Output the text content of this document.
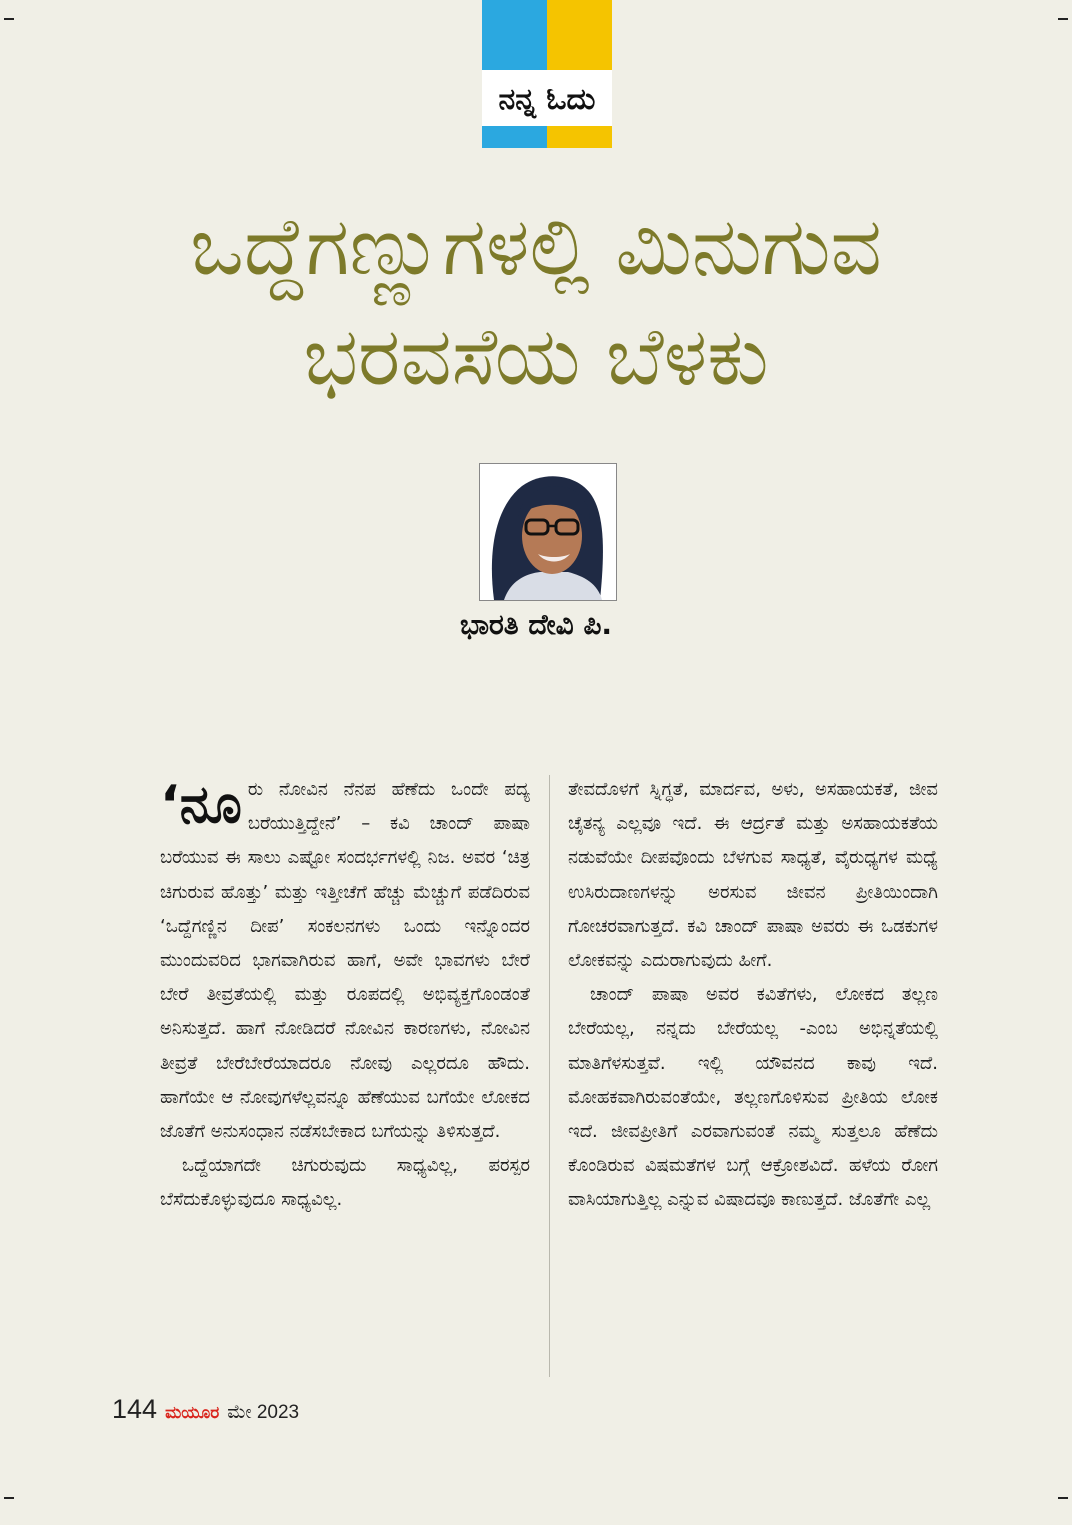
ನನ್ನ ಓದು
ಒದ್ದೆಗಣ್ಣುಗಳಲ್ಲಿ ಮಿನುಗುವ
ಭರವಸೆಯ ಬೆಳಕು
ಭಾರತಿ ದೇವಿ ಪಿ.

‘ನೂರು ನೋವಿನ ನೆನಪ ಹೆಣೆದು ಒಂದೇ ಪದ್ಯ ಬರೆಯುತ್ತಿದ್ದೇನೆ’ – ಕವಿ ಚಾಂದ್ ಪಾಷಾ ಬರೆಯುವ ಈ ಸಾಲು ಎಷ್ಟೋ ಸಂದರ್ಭಗಳಲ್ಲಿ ನಿಜ. ಅವರ ‘ಚಿತ್ರ ಚಿಗುರುವ ಹೊತ್ತು’ ಮತ್ತು ಇತ್ತೀಚೆಗೆ ಹೆಚ್ಚು ಮೆಚ್ಚುಗೆ ಪಡೆದಿರುವ ‘ಒದ್ದೆಗಣ್ಣಿನ ದೀಪ’ ಸಂಕಲನಗಳು ಒಂದು ಇನ್ನೊಂದರ ಮುಂದುವರಿದ ಭಾಗವಾಗಿರುವ ಹಾಗೆ, ಅವೇ ಭಾವಗಳು ಬೇರೆ ಬೇರೆ ತೀವ್ರತೆಯಲ್ಲಿ ಮತ್ತು ರೂಪದಲ್ಲಿ ಅಭಿವ್ಯಕ್ತಗೊಂಡಂತೆ ಅನಿಸುತ್ತದೆ. ಹಾಗೆ ನೋಡಿದರೆ ನೋವಿನ ಕಾರಣಗಳು, ನೋವಿನ ತೀವ್ರತೆ ಬೇರೆಬೇರೆಯಾದರೂ ನೋವು ಎಲ್ಲರದೂ ಹೌದು. ಹಾಗೆಯೇ ಆ ನೋವುಗಳೆಲ್ಲವನ್ನೂ ಹೆಣೆಯುವ ಬಗೆಯೇ ಲೋಕದ ಜೊತೆಗೆ ಅನುಸಂಧಾನ ನಡೆಸಬೇಕಾದ ಬಗೆಯನ್ನು ತಿಳಿಸುತ್ತದೆ.

ಒದ್ದೆಯಾಗದೇ ಚಿಗುರುವುದು ಸಾಧ್ಯವಿಲ್ಲ, ಪರಸ್ಪರ ಬೆಸೆದುಕೊಳ್ಳುವುದೂ ಸಾಧ್ಯವಿಲ್ಲ.

ತೇವದೊಳಗೆ ಸ್ನಿಗ್ಧತೆ, ಮಾರ್ದವ, ಅಳು, ಅಸಹಾಯಕತೆ, ಜೀವ ಚೈತನ್ಯ ಎಲ್ಲವೂ ಇದೆ. ಈ ಆರ್ದ್ರತೆ ಮತ್ತು ಅಸಹಾಯಕತೆಯ ನಡುವೆಯೇ ದೀಪವೊಂದು ಬೆಳಗುವ ಸಾಧ್ಯತೆ, ವೈರುಧ್ಯಗಳ ಮಧ್ಯೆ ಉಸಿರುದಾಣಗಳನ್ನು ಅರಸುವ ಜೀವನ ಪ್ರೀತಿಯಿಂದಾಗಿ ಗೋಚರವಾಗುತ್ತದೆ. ಕವಿ ಚಾಂದ್ ಪಾಷಾ ಅವರು ಈ ಒಡಕುಗಳ ಲೋಕವನ್ನು ಎದುರಾಗುವುದು ಹೀಗೆ.

ಚಾಂದ್ ಪಾಷಾ ಅವರ ಕವಿತೆಗಳು, ಲೋಕದ ತಲ್ಲಣ ಬೇರೆಯಲ್ಲ, ನನ್ನದು ಬೇರೆಯಲ್ಲ -ಎಂಬ ಅಭಿನ್ನತೆಯಲ್ಲಿ ಮಾತಿಗೆಳಸುತ್ತವೆ. ಇಲ್ಲಿ ಯೌವನದ ಕಾವು ಇದೆ. ಮೋಹಕವಾಗಿರುವಂತೆಯೇ, ತಲ್ಲಣಗೊಳಿಸುವ ಪ್ರೀತಿಯ ಲೋಕ ಇದೆ. ಜೀವಪ್ರೀತಿಗೆ ಎರವಾಗುವಂತೆ ನಮ್ಮ ಸುತ್ತಲೂ ಹೆಣೆದು ಕೊಂಡಿರುವ ವಿಷಮತೆಗಳ ಬಗ್ಗೆ ಆಕ್ರೋಶವಿದೆ. ಹಳೆಯ ರೋಗ ವಾಸಿಯಾಗುತ್ತಿಲ್ಲ ಎನ್ನುವ ವಿಷಾದವೂ ಕಾಣುತ್ತದೆ. ಜೊತೆಗೇ ಎಲ್ಲ

144 ಮಯೂರ ಮೇ 2023
